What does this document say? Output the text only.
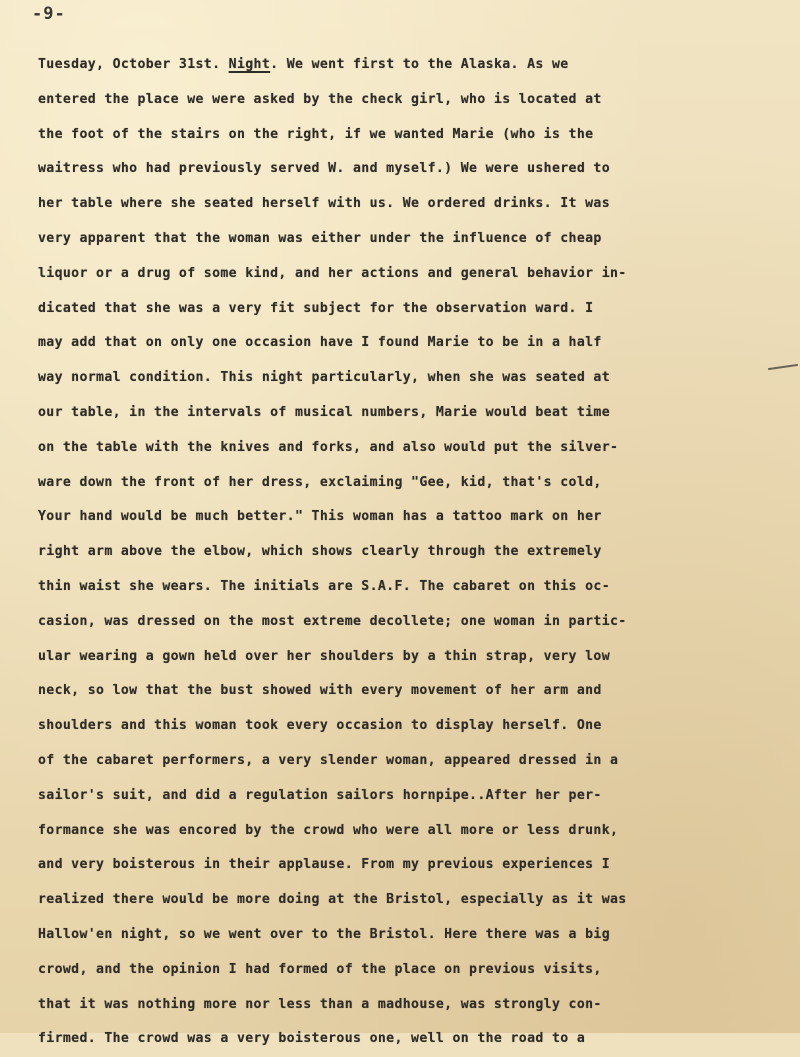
-9-
Tuesday, October 31st. Night. We went first to the Alaska. As we
entered the place we were asked by the check girl, who is located at
the foot of the stairs on the right, if we wanted Marie (who is the
waitress who had previously served W. and myself.) We were ushered to
her table where she seated herself with us. We ordered drinks. It was
very apparent that the woman was either under the influence of cheap
liquor or a drug of some kind, and her actions and general behavior in-
dicated that she was a very fit subject for the observation ward. I
may add that on only one occasion have I found Marie to be in a half
way normal condition. This night particularly, when she was seated at
our table, in the intervals of musical numbers, Marie would beat time
on the table with the knives and forks, and also would put the silver-
ware down the front of her dress, exclaiming "Gee, kid, that's cold,
Your hand would be much better." This woman has a tattoo mark on her
right arm above the elbow, which shows clearly through the extremely
thin waist she wears. The initials are S.A.F. The cabaret on this oc-
casion, was dressed on the most extreme decollete; one woman in partic-
ular wearing a gown held over her shoulders by a thin strap, very low
neck, so low that the bust showed with every movement of her arm and
shoulders and this woman took every occasion to display herself. One
of the cabaret performers, a very slender woman, appeared dressed in a
sailor's suit, and did a regulation sailors hornpipe..After her per-
formance she was encored by the crowd who were all more or less drunk,
and very boisterous in their applause. From my previous experiences I
realized there would be more doing at the Bristol, especially as it was
Hallow'en night, so we went over to the Bristol. Here there was a big
crowd, and the opinion I had formed of the place on previous visits,
that it was nothing more nor less than a madhouse, was strongly con-
firmed. The crowd was a very boisterous one, well on the road to a
